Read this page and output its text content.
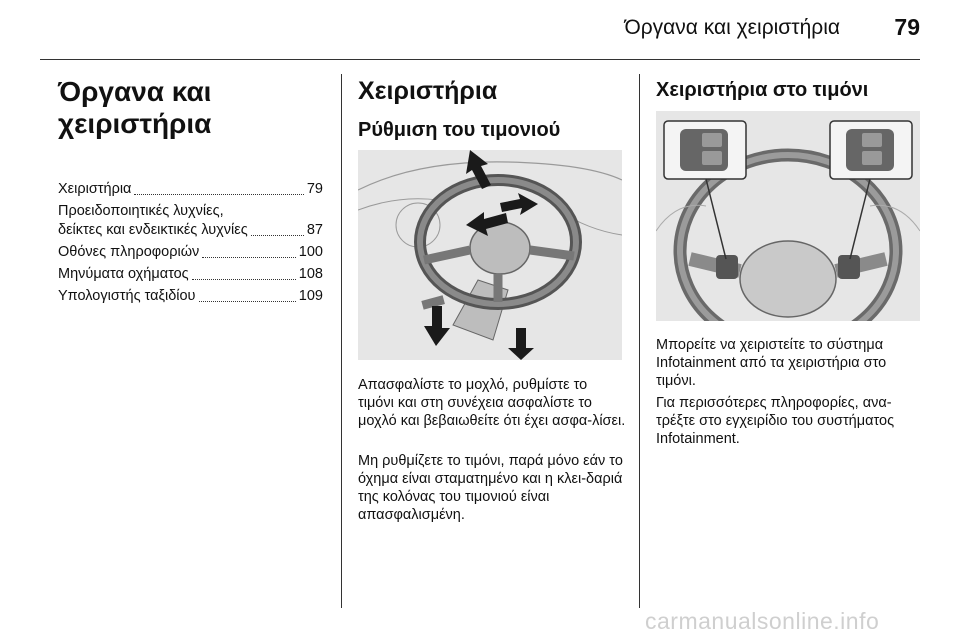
Όργανα και χειριστήρια 79
Όργανα και χειριστήρια
Χειριστήρια	79
Προειδοποιητικές λυχνίες,
δείκτες και ενδεικτικές λυχνίες	87
Οθόνες πληροφοριών	100
Μηνύματα οχήματος	108
Υπολογιστής ταξιδίου	109
Χειριστήρια
Ρύθμιση του τιμονιού

Απασφαλίστε το μοχλό, ρυθμίστε το τιμόνι και στη συνέχεια ασφαλίστε το μοχλό και βεβαιωθείτε ότι έχει ασφα-λίσει.

Μη ρυθμίζετε το τιμόνι, παρά μόνο εάν το όχημα είναι σταματημένο και η κλει-δαριά της κολόνας του τιμονιού είναι απασφαλισμένη.

Χειριστήρια στο τιμόνι

Μπορείτε να χειριστείτε το σύστημα Infotainment από τα χειριστήρια στο τιμόνι.

Για περισσότερες πληροφορίες, ανα-τρέξτε στο εγχειρίδιο του συστήματος Infotainment.

carmanualsonline.info
